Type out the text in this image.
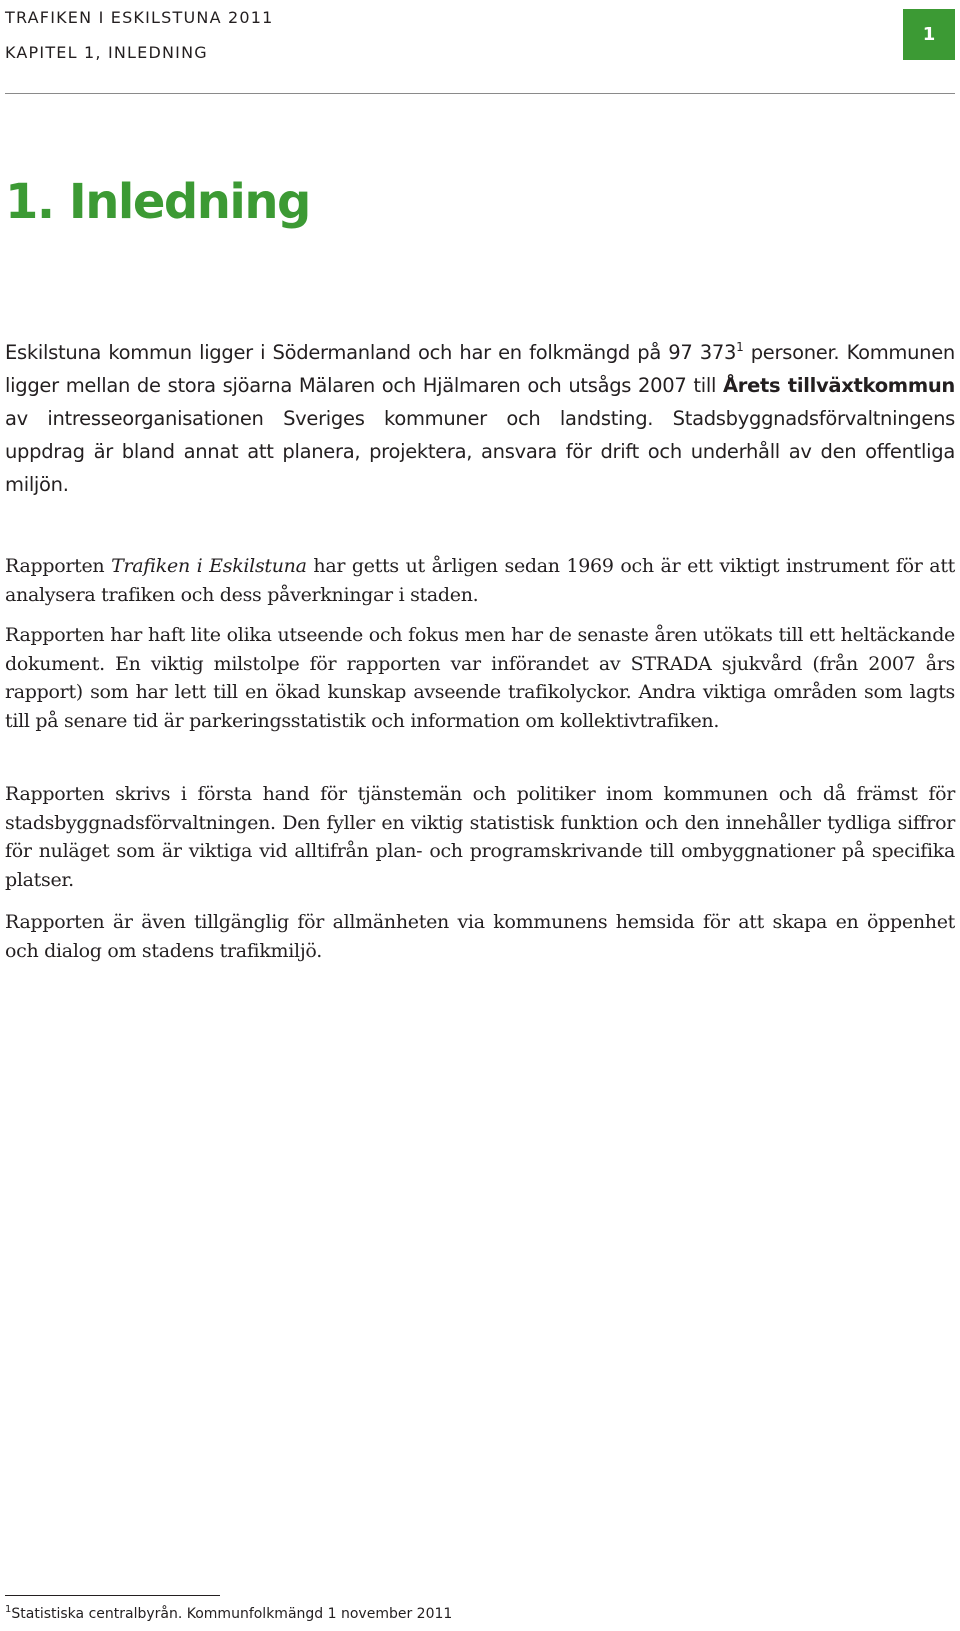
TRAFIKEN I ESKILSTUNA 2011
KAPITEL 1, INLEDNING
1
1. Inledning

Eskilstuna kommun ligger i Södermanland och har en folkmängd på 97 $373^1$ personer. Kommunen ligger mellan de stora sjöarna Mälaren och Hjälmaren och utsågs 2007 till Årets tillväxtkommun av intresseorganisationen Sveriges kommuner och landsting. Stadsbyggnadsförvaltningens uppdrag är bland annat att planera, projektera, ansvara för drift och underhåll av den offentliga miljön.

Rapporten Trafiken i Eskilstuna har getts ut årligen sedan 1969 och är ett viktigt instrument för att analysera trafiken och dess påverkningar i staden.

Rapporten har haft lite olika utseende och fokus men har de senaste åren utökats till ett heltäckande dokument. En viktig milstolpe för rapporten var införandet av STRADA sjukvård (från 2007 års rapport) som har lett till en ökad kunskap avseende trafikolyckor. Andra viktiga områden som lagts till på senare tid är parkeringsstatistik och information om kollektivtrafiken.

Rapporten skrivs i första hand för tjänstemän och politiker inom kommunen och då främst för stadsbyggnadsförvaltningen. Den fyller en viktig statistisk funktion och den innehåller tydliga siffror för nuläget som är viktiga vid alltifrån plan- och programskrivande till ombyggnationer på specifika platser.

Rapporten är även tillgänglig för allmänheten via kommunens hemsida för att skapa en öppenhet och dialog om stadens trafikmiljö.

$^1$Statistiska centralbyrån. Kommunfolkmängd 1 november 2011
